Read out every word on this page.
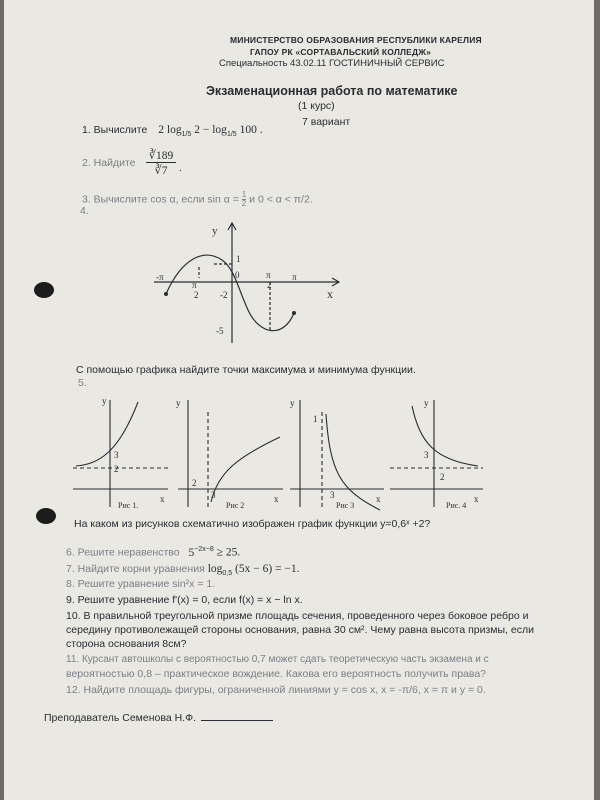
МИНИСТЕРСТВО ОБРАЗОВАНИЯ РЕСПУБЛИКИ КАРЕЛИЯ
ГАПОУ РК «СОРТАВАЛЬСКИЙ КОЛЛЕДЖ»
Специальность 43.02.11 ГОСТИНИЧНЫЙ СЕРВИС
Экзаменационная работа по математике
(1 курс)
7 вариант
1. Вычислите 2 $\log_{1/5} 2 - \log_{1/5} 100$ .
2. Найдите
∛189
∛7 .
3. Вычислите cos α, если $\sin \alpha = \frac{1}{2}$ и 0 < α < π/2.
4.
y
x
0
-π
π
2
π
2
π
1
-2
-5
С помощью графика найдите точки максимума и минимума функции.
5.
y
x
3
2
Рис 1.
y
x
2
3
Рис 2
y
x
3
1
Рис 3
y
x
3
2
Рис. 4
На каком из рисунков схематично изображен график функции y=0,6ˣ +2?
6. Решите неравенство $5^{-2x-8} \ge 25$.
7. Найдите корни уравнения $\log_{0,5} (5x - 6) = -1$.
8. Решите уравнение sin²x = 1.
9. Решите уравнение f'(x) = 0, если f(x) = x − ln x.
10. В правильной треугольной призме площадь сечения, проведенного через боковое ребро и
середину противолежащей стороны основания, равна 30 см². Чему равна высота призмы, если
сторона основания 8см?
11. Курсант автошколы с вероятностью 0,7 может сдать теоретическую часть экзамена и с
вероятностью 0,8 – практическое вождение. Какова его вероятность получить права?
12. Найдите площадь фигуры, ограниченной линиями у = cos x, x = -π/6, x = π и у = 0.
Преподаватель Семенова Н.Ф.
